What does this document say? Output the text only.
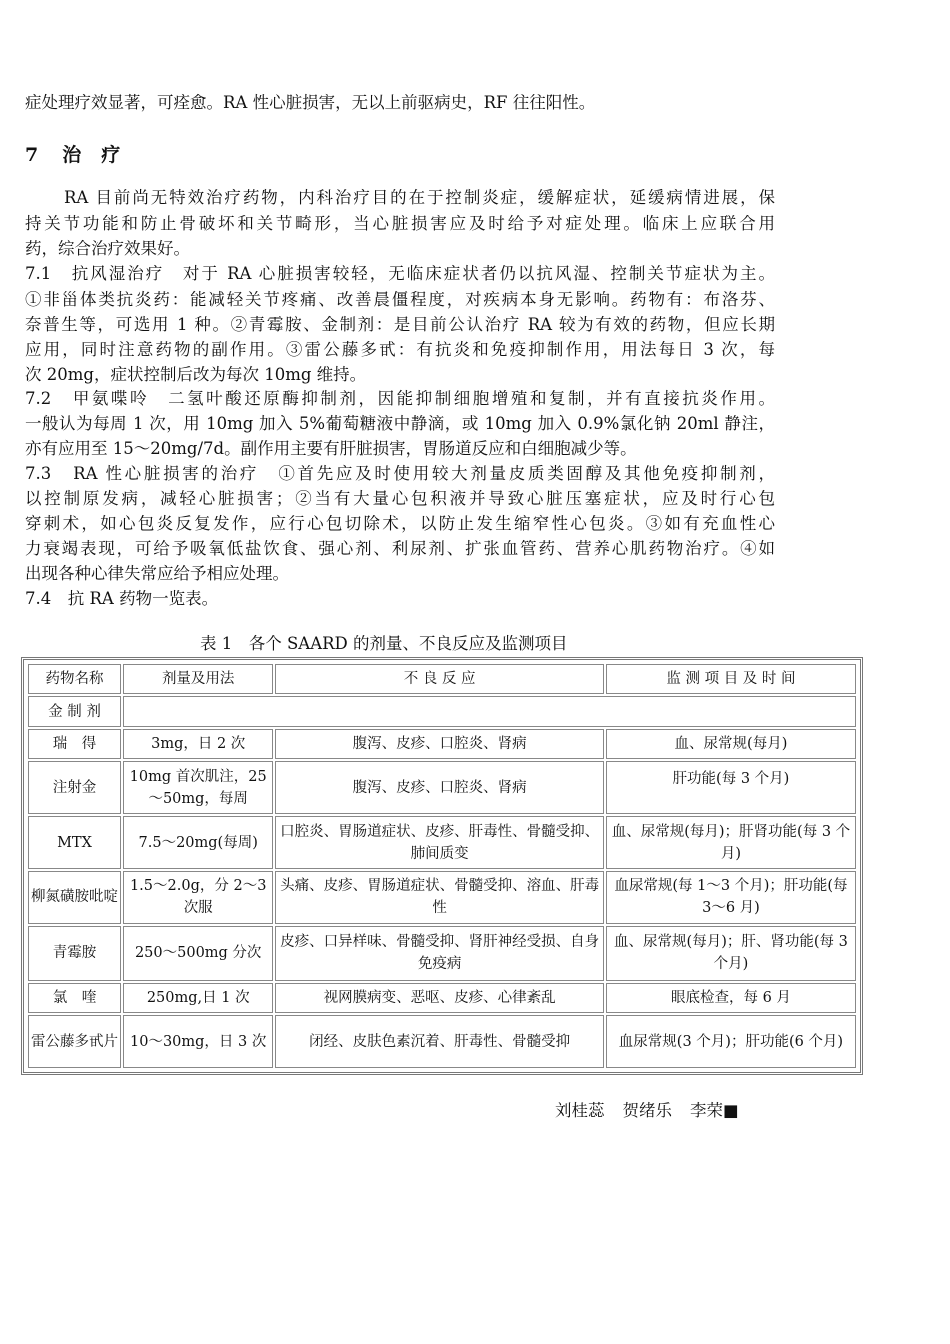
症处理疗效显著，可痊愈。RA 性心脏损害，无以上前驱病史，RF 往往阳性。
7 治 疗
RA 目前尚无特效治疗药物，内科治疗目的在于控制炎症，缓解症状，延缓病情进展，保
持关节功能和防止骨破坏和关节畸形，当心脏损害应及时给予对症处理。临床上应联合用
药，综合治疗效果好。
7.1　抗风湿治疗　对于 RA 心脏损害较轻，无临床症状者仍以抗风湿、控制关节症状为主。
①非甾体类抗炎药：能减轻关节疼痛、改善晨僵程度，对疾病本身无影响。药物有：布洛芬、
奈普生等，可选用 1 种。②青霉胺、金制剂：是目前公认治疗 RA 较为有效的药物，但应长期
应用，同时注意药物的副作用。③雷公藤多甙：有抗炎和免疫抑制作用，用法每日 3 次，每
次 20mg，症状控制后改为每次 10mg 维持。
7.2　甲氨喋呤　二氢叶酸还原酶抑制剂，因能抑制细胞增殖和复制，并有直接抗炎作用。
一般认为每周 1 次，用 10mg 加入 5%葡萄糖液中静滴，或 10mg 加入 0.9%氯化钠 20ml 静注，
亦有应用至 15～20mg/7d。副作用主要有肝脏损害，胃肠道反应和白细胞减少等。
7.3　RA 性心脏损害的治疗　①首先应及时使用较大剂量皮质类固醇及其他免疫抑制剂，
以控制原发病，减轻心脏损害；②当有大量心包积液并导致心脏压塞症状，应及时行心包
穿刺术，如心包炎反复发作，应行心包切除术，以防止发生缩窄性心包炎。③如有充血性心
力衰竭表现，可给予吸氧低盐饮食、强心剂、利尿剂、扩张血管药、营养心肌药物治疗。④如
出现各种心律失常应给予相应处理。
7.4　抗 RA 药物一览表。
表 1　各个 SAARD 的剂量、不良反应及监测项目
药物名称	剂量及用法	不 良 反 应	监 测 项 目 及 时 间
金 制 剂			
瑞　得	3mg，日 2 次	腹泻、皮疹、口腔炎、肾病	血、尿常规(每月)
注射金	10mg 首次肌注，25～50mg，每周	腹泻、皮疹、口腔炎、肾病	肝功能(每 3 个月)
MTX	7.5～20mg(每周)	口腔炎、胃肠道症状、皮疹、肝毒性、骨髓受抑、肺间质变	血、尿常规(每月)；肝肾功能(每 3 个月)
柳氮磺胺吡啶	1.5～2.0g，分 2～3 次服	头痛、皮疹、胃肠道症状、骨髓受抑、溶血、肝毒性	血尿常规(每 1～3 个月)；肝功能(每 3～6 月)
青霉胺	250～500mg 分次	皮疹、口异样味、骨髓受抑、肾肝神经受损、自身免疫病	血、尿常规(每月)；肝、肾功能(每 3 个月)
氯　喹	250mg,日 1 次	视网膜病变、恶呕、皮疹、心律紊乱	眼底检查，每 6 月
雷公藤多甙片	10～30mg，日 3 次	闭经、皮肤色素沉着、肝毒性、骨髓受抑	血尿常规(3 个月)；肝功能(6 个月)
刘桂蕊 贺绪乐 李荣■
